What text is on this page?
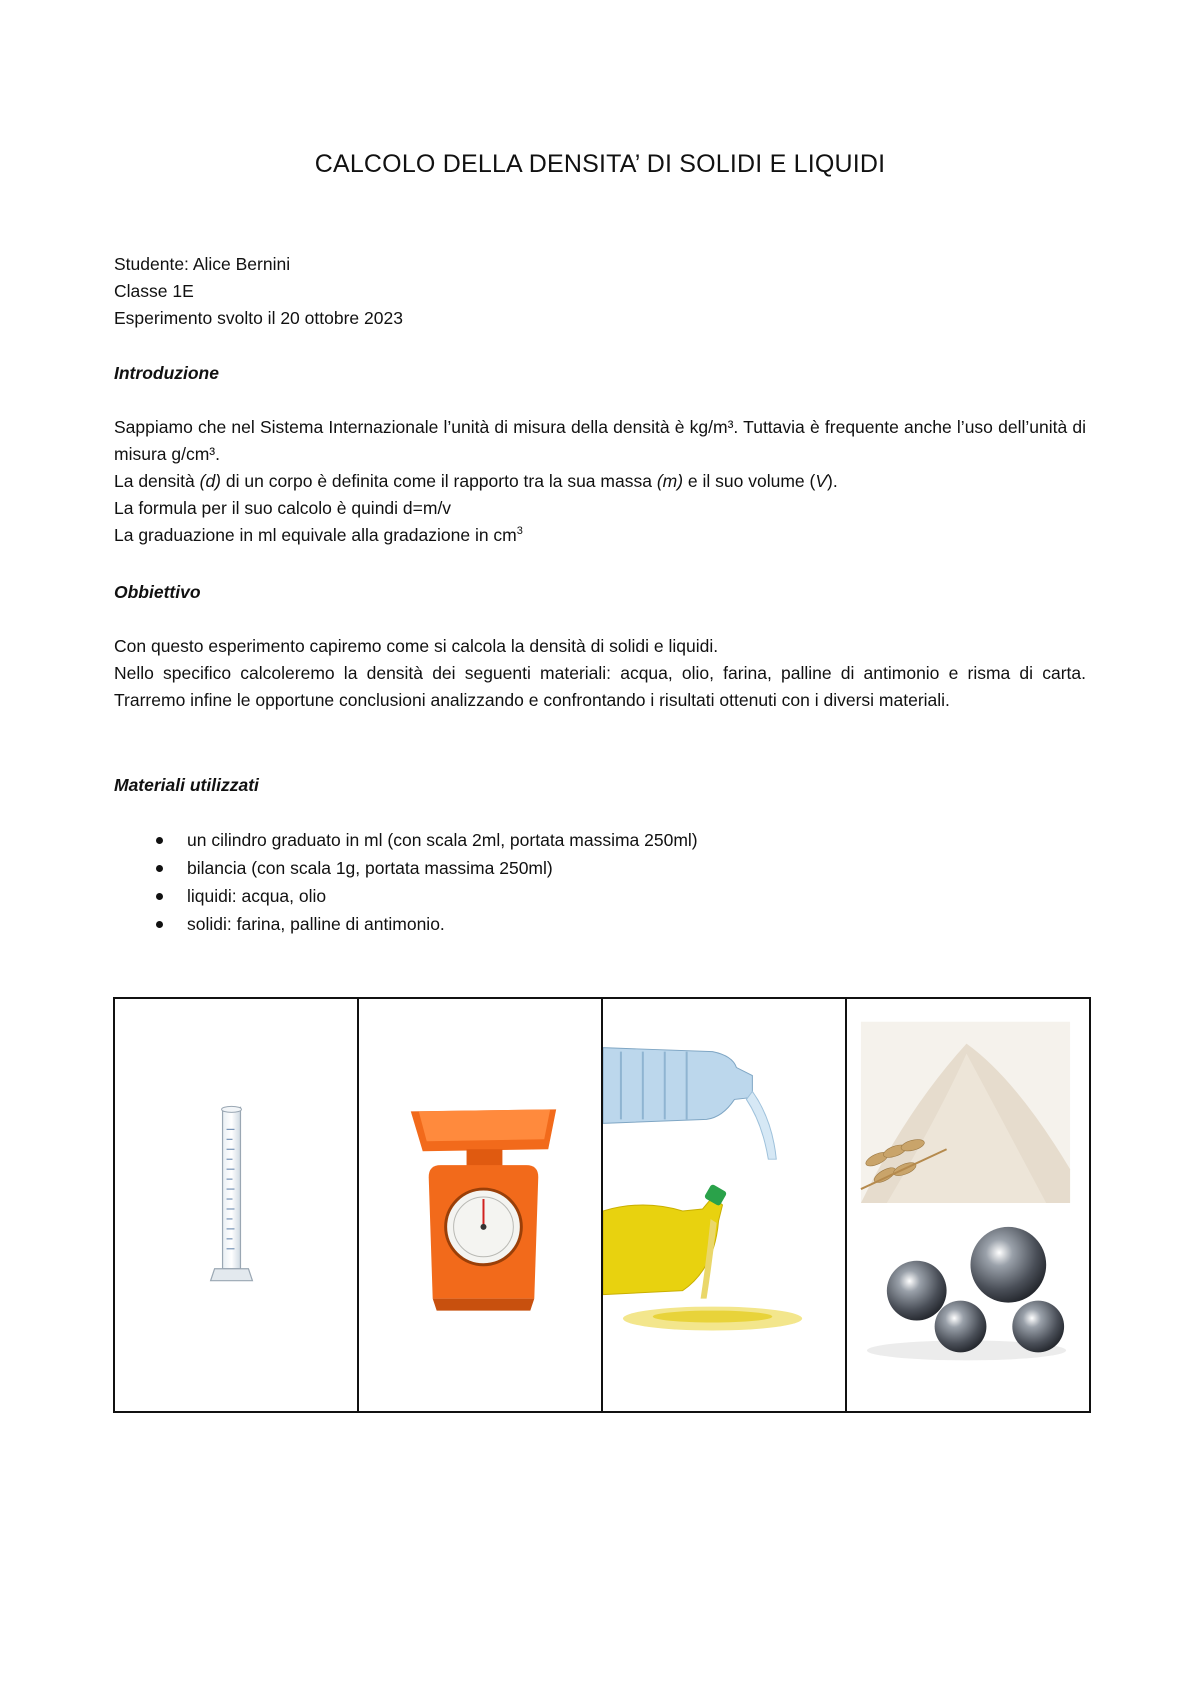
CALCOLO DELLA DENSITA’ DI SOLIDI E LIQUIDI

Studente: Alice Bernini

Classe 1E

Esperimento svolto il 20 ottobre 2023

Introduzione

Sappiamo che nel Sistema Internazionale l’unità di misura della densità è kg/m³. Tuttavia è frequente anche l’uso dell’unità di misura g/cm³.

La densità (d) di un corpo è definita come il rapporto tra la sua massa (m) e il suo volume (V).

La formula per il suo calcolo è quindi d=m/v

La graduazione in ml equivale alla gradazione in $cm^3$

Obbiettivo

Con questo esperimento capiremo come si calcola la densità di solidi e liquidi.

Nello specifico calcoleremo la densità dei seguenti materiali: acqua, olio, farina, palline di antimonio e risma di carta. Trarremo infine le opportune conclusioni analizzando e confrontando i risultati ottenuti con i diversi materiali.

Materiali utilizzati
un cilindro graduato in ml (con scala 2ml, portata massima 250ml)
bilancia (con scala 1g, portata massima 250ml)
liquidi: acqua, olio
solidi: farina, palline di antimonio.
